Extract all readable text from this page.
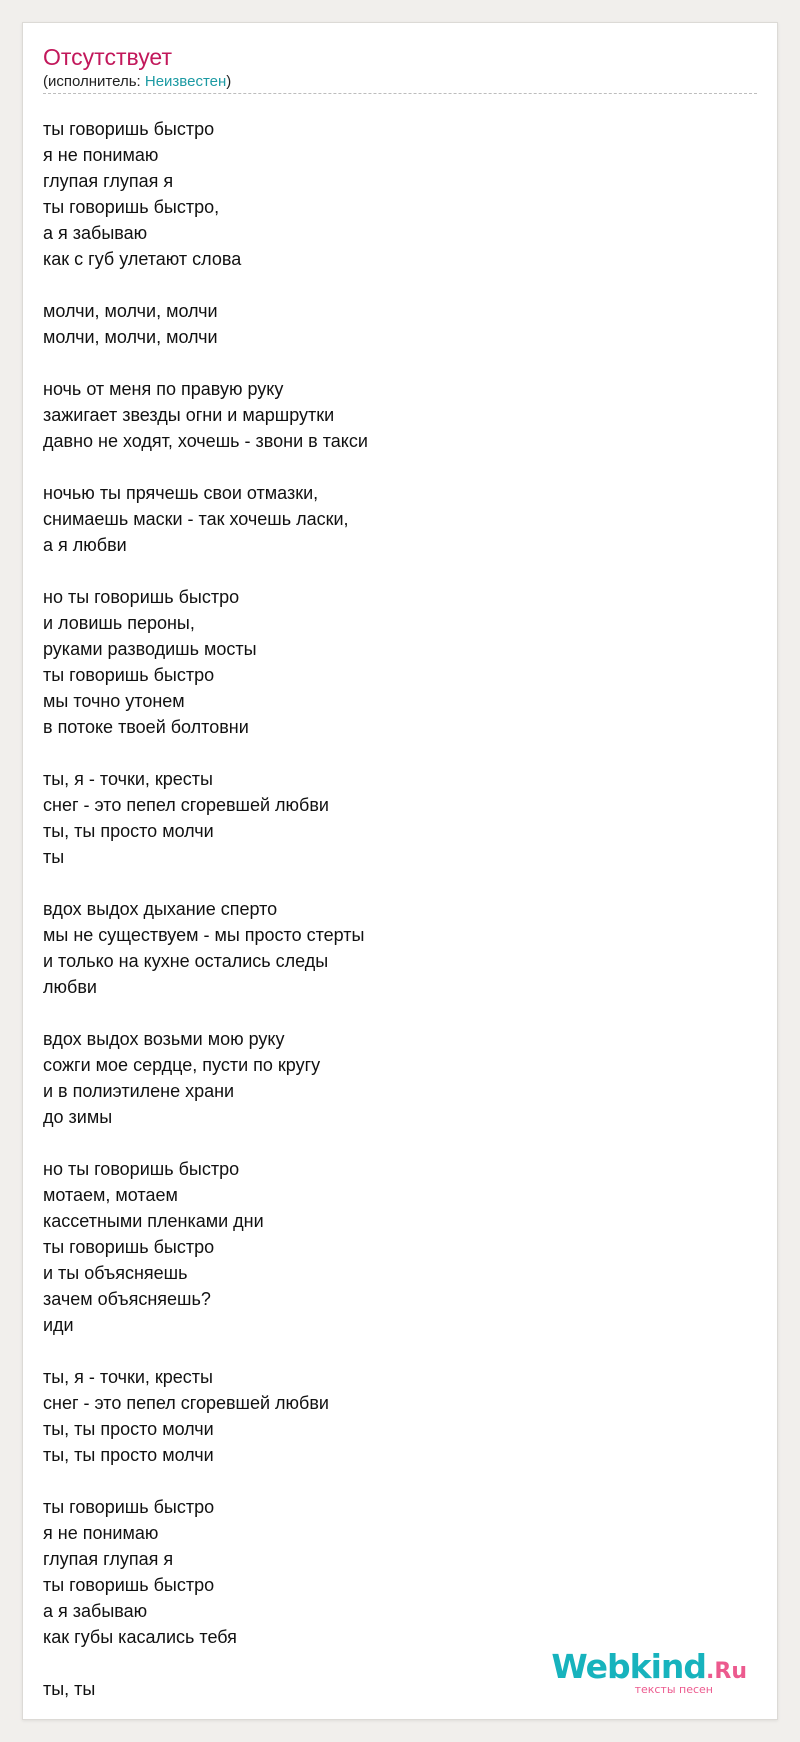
Отсутствует
(исполнитель: Неизвестен)
ты говоришь быстро
я не понимаю
глупая глупая я
ты говоришь быстро,
а я забываю
как с губ улетают слова
молчи, молчи, молчи
молчи, молчи, молчи
ночь от меня по правую руку
зажигает звезды огни и маршрутки
давно не ходят, хочешь - звони в такси
ночью ты прячешь свои отмазки,
снимаешь маски - так хочешь ласки,
а я любви
но ты говоришь быстро
и ловишь пероны,
руками разводишь мосты
ты говоришь быстро
мы точно утонем
в потоке твоей болтовни
ты, я - точки, кресты
снег - это пепел сгоревшей любви
ты, ты просто молчи
ты
вдох выдох дыхание сперто
мы не существуем - мы просто стерты
и только на кухне остались следы
любви
вдох выдох возьми мою руку
сожги мое сердце, пусти по кругу
и в полиэтилене храни
до зимы
но ты говоришь быстро
мотаем, мотаем
кассетными пленками дни
ты говоришь быстро
и ты объясняешь
зачем объясняешь?
иди
ты, я - точки, кресты
снег - это пепел сгоревшей любви
ты, ты просто молчи
ты, ты просто молчи
ты говоришь быстро
я не понимаю
глупая глупая я
ты говоришь быстро
а я забываю
как губы касались тебя
ты, ты
Webkind.Ru
тексты песен
